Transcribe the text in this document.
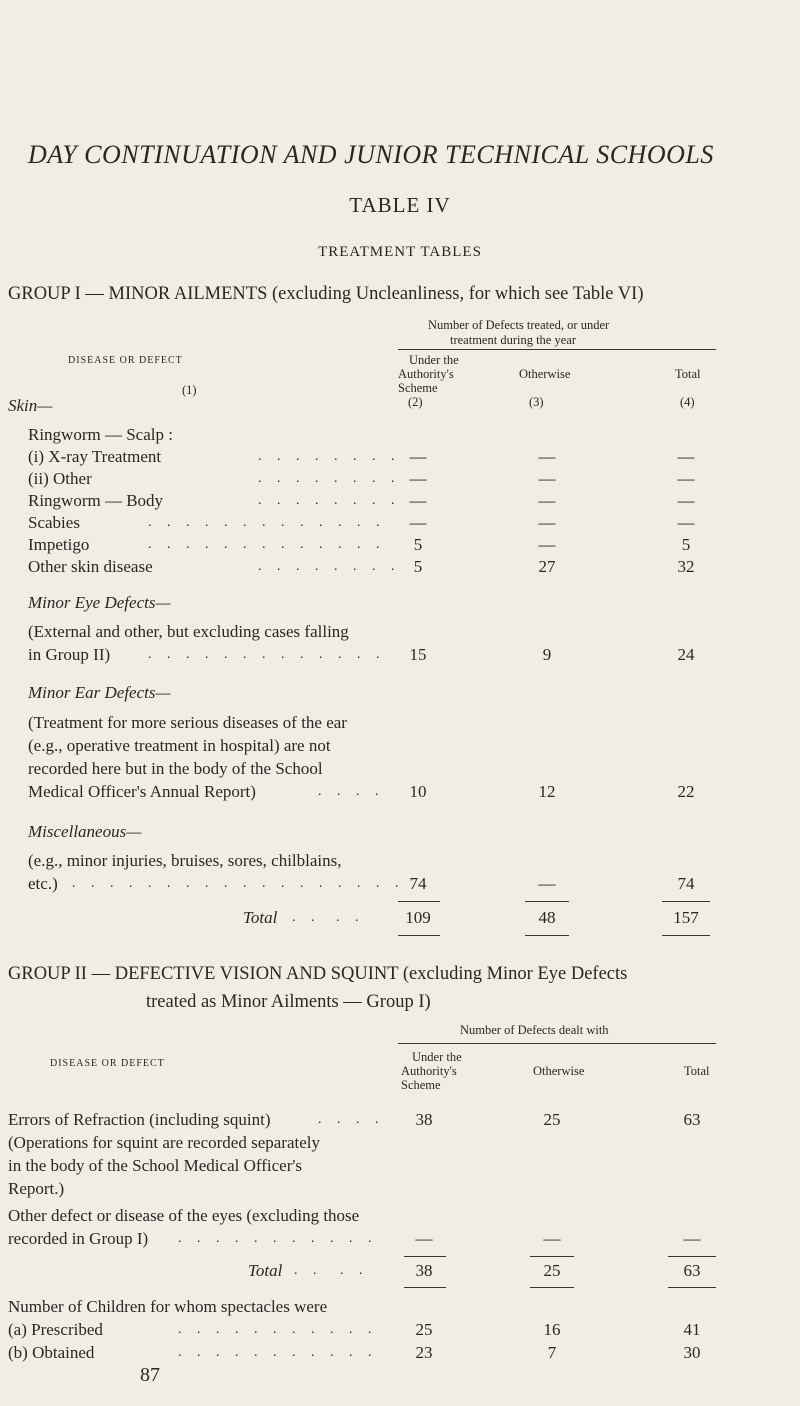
DAY CONTINUATION AND JUNIOR TECHNICAL SCHOOLS
TABLE IV
TREATMENT TABLES
GROUP I — MINOR AILMENTS (excluding Uncleanliness, for which see Table VI)
Number of Defects treated, or under
treatment during the year
DISEASE OR DEFECT	Under the
Authority's
Scheme
Otherwise	Total
(1)
(2)	(3)	(4)
Skin—
Ringworm — Scalp :
(i) X-ray Treatment	. . . . . . . . —	—	—
(ii) Other	. . . . . . . . —	—	—
Ringworm — Body	. . . . . . . . —	—	—
Scabies	. . . . . . . . . . . . .	—	—	—
Impetigo	. . . . . . . . . . . . .	5	—	5
Other skin disease	. . . . . . . . 5	27	32
Minor Eye Defects—
(External and other, but excluding cases falling
in Group II)	. . . . . . . . . . . . .	15	9	24
Minor Ear Defects—
(Treatment for more serious diseases of the ear
(e.g., operative treatment in hospital) are not
recorded here but in the body of the School
Medical Officer's Annual Report)	. . . .	10	12	22
Miscellaneous—
(e.g., minor injuries, bruises, sores, chilblains,
etc.) . . . . . . . . . . . . . . . . . . 74	—	74
Total . . . .	109	48	157
GROUP II — DEFECTIVE VISION AND SQUINT (excluding Minor Eye Defects
treated as Minor Ailments — Group I)
Number of Defects dealt with
DISEASE OR DEFECT	Under the
Authority's
Scheme
Otherwise	Total
Errors of Refraction (including squint)	. . . .	38	25	63
(Operations for squint are recorded separately
in the body of the School Medical Officer's
Report.)
Other defect or disease of the eyes (excluding those
recorded in Group I) . . . . . . . . . . .	—	—	—
Total . . . .	38	25	63
Number of Children for whom spectacles were
(a) Prescribed	. . . . . . . . . . .	25	16	41
(b) Obtained	. . . . . . . . . . .	23	7	30
87
